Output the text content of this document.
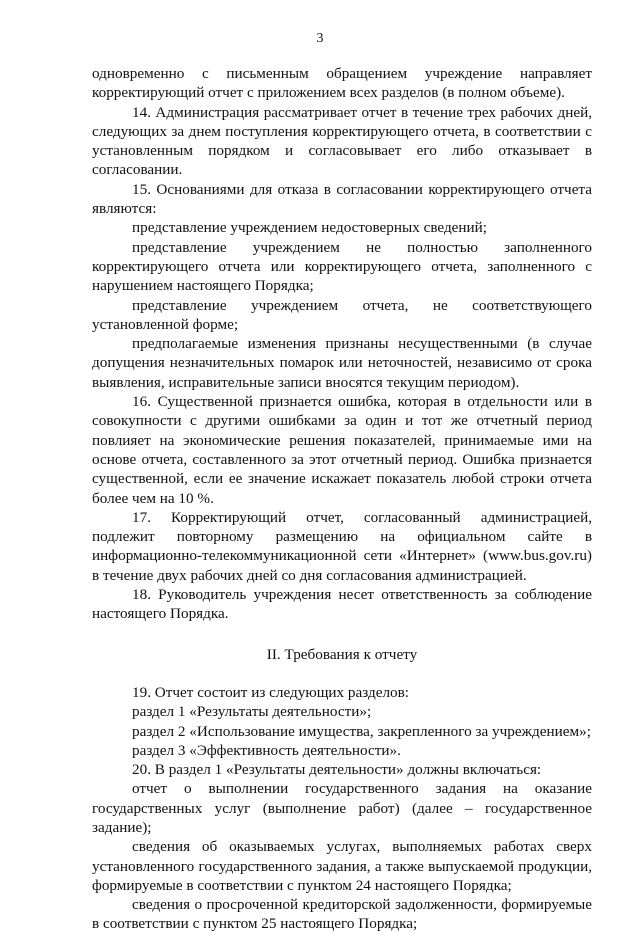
3

одновременно с письменным обращением учреждение направляет корректирующий отчет с приложением всех разделов (в полном объеме).

14. Администрация рассматривает отчет в течение трех рабочих дней, следующих за днем поступления корректирующего отчета, в соответствии с установленным порядком и согласовывает его либо отказывает в согласовании.

15. Основаниями для отказа в согласовании корректирующего отчета являются:

представление учреждением недостоверных сведений;

представление учреждением не полностью заполненного корректирующего отчета или корректирующего отчета, заполненного с нарушением настоящего Порядка;

представление учреждением отчета, не соответствующего установленной форме;

предполагаемые изменения признаны несущественными (в случае допущения незначительных помарок или неточностей, независимо от срока выявления, исправительные записи вносятся текущим периодом).

16. Существенной признается ошибка, которая в отдельности или в совокупности с другими ошибками за один и тот же отчетный период повлияет на экономические решения показателей, принимаемые ими на основе отчета, составленного за этот отчетный период. Ошибка признается существенной, если ее значение искажает показатель любой строки отчета более чем на 10 %.

17. Корректирующий отчет, согласованный администрацией, подлежит повторному размещению на официальном сайте в информационно-телекоммуникационной сети «Интернет» (www.bus.gov.ru) в течение двух рабочих дней со дня согласования администрацией.

18. Руководитель учреждения несет ответственность за соблюдение настоящего Порядка.

II. Требования к отчету

19. Отчет состоит из следующих разделов:

раздел 1 «Результаты деятельности»;

раздел 2 «Использование имущества, закрепленного за учреждением»;

раздел 3 «Эффективность деятельности».

20. В раздел 1 «Результаты деятельности» должны включаться:

отчет о выполнении государственного задания на оказание государственных услуг (выполнение работ) (далее – государственное задание);

сведения об оказываемых услугах, выполняемых работах сверх установленного государственного задания, а также выпускаемой продукции, формируемые в соответствии с пунктом 24 настоящего Порядка;

сведения о просроченной кредиторской задолженности, формируемые в соответствии с пунктом 25 настоящего Порядка;
